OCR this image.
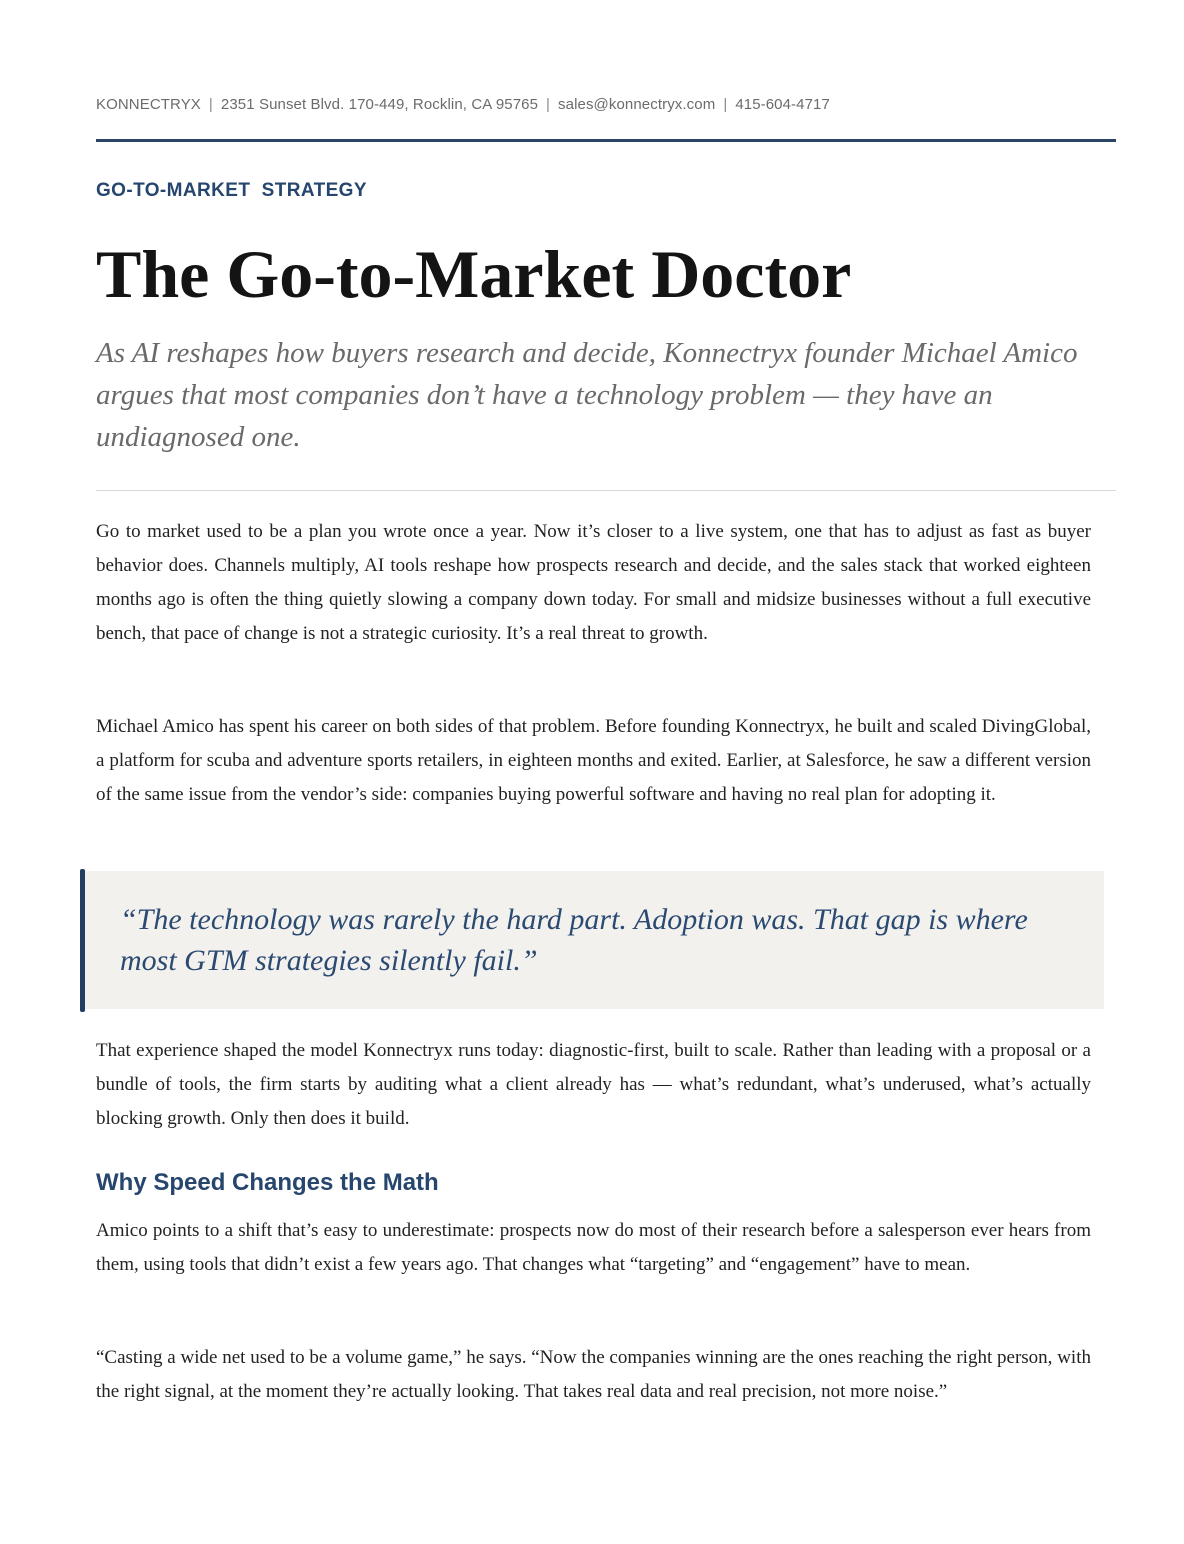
KONNECTRYX | 2351 Sunset Blvd. 170-449, Rocklin, CA 95765 | sales@konnectryx.com | 415-604-4717
GO-TO-MARKET  STRATEGY
The Go-to-Market Doctor
As AI reshapes how buyers research and decide, Konnectryx founder Michael Amico argues that most companies don’t have a technology problem — they have an undiagnosed one.

Go to market used to be a plan you wrote once a year. Now it’s closer to a live system, one that has to adjust as fast as buyer behavior does. Channels multiply, AI tools reshape how prospects research and decide, and the sales stack that worked eighteen months ago is often the thing quietly slowing a company down today. For small and midsize businesses without a full executive bench, that pace of change is not a strategic curiosity. It’s a real threat to growth.

Michael Amico has spent his career on both sides of that problem. Before founding Konnectryx, he built and scaled DivingGlobal, a platform for scuba and adventure sports retailers, in eighteen months and exited. Earlier, at Salesforce, he saw a different version of the same issue from the vendor’s side: companies buying powerful software and having no real plan for adopting it.

“The technology was rarely the hard part. Adoption was. That gap is where most GTM strategies silently fail.”

That experience shaped the model Konnectryx runs today: diagnostic-first, built to scale. Rather than leading with a proposal or a bundle of tools, the firm starts by auditing what a client already has — what’s redundant, what’s underused, what’s actually blocking growth. Only then does it build.

Why Speed Changes the Math

Amico points to a shift that’s easy to underestimate: prospects now do most of their research before a salesperson ever hears from them, using tools that didn’t exist a few years ago. That changes what “targeting” and “engagement” have to mean.

“Casting a wide net used to be a volume game,” he says. “Now the companies winning are the ones reaching the right person, with the right signal, at the moment they’re actually looking. That takes real data and real precision, not more noise.”
